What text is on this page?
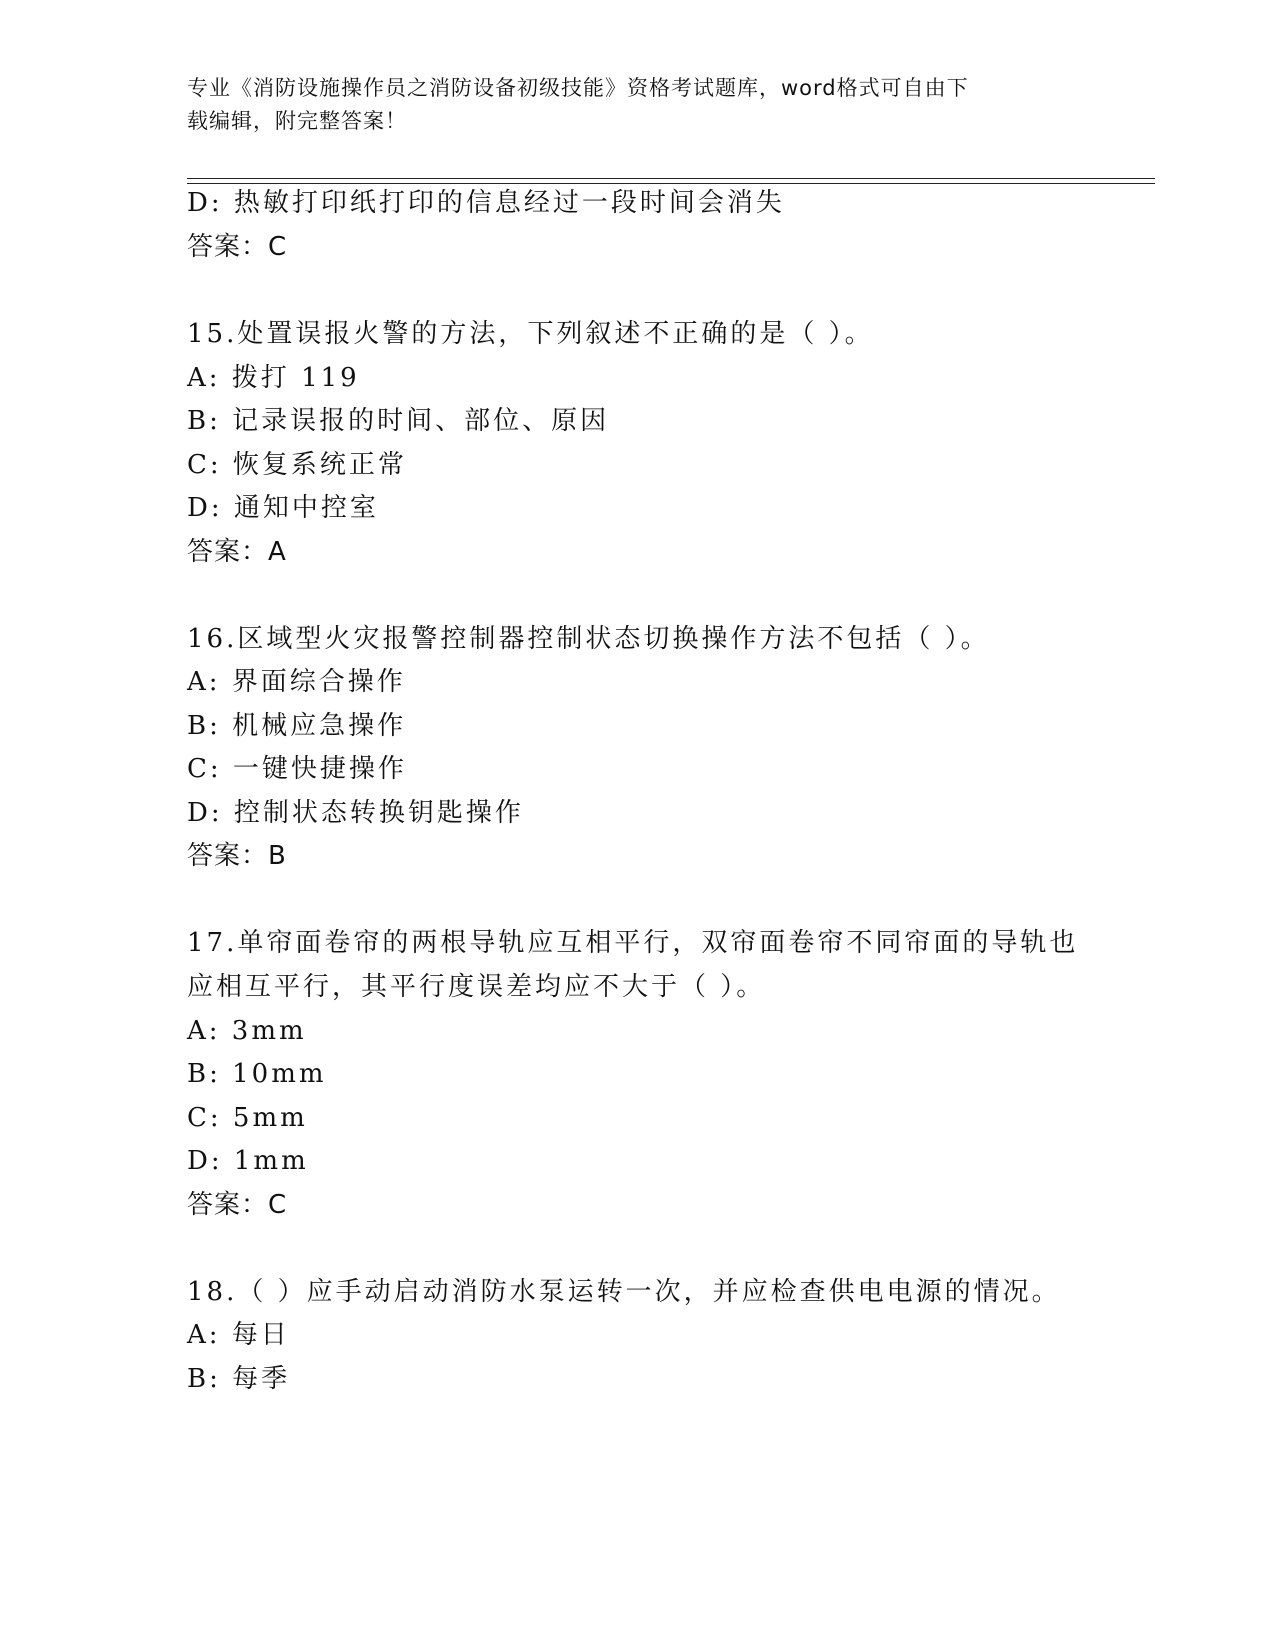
专业《消防设施操作员之消防设备初级技能》资格考试题库，word格式可自由下
载编辑，附完整答案！
D: 热敏打印纸打印的信息经过一段时间会消失
答案：C
15.处置误报火警的方法，下列叙述不正确的是（ ）。
A: 拨打 119
B: 记录误报的时间、部位、原因
C: 恢复系统正常
D: 通知中控室
答案：A
16.区域型火灾报警控制器控制状态切换操作方法不包括（ ）。
A: 界面综合操作
B: 机械应急操作
C: 一键快捷操作
D: 控制状态转换钥匙操作
答案：B
17.单帘面卷帘的两根导轨应互相平行，双帘面卷帘不同帘面的导轨也
应相互平行，其平行度误差均应不大于（ ）。
A: 3mm
B: 10mm
C: 5mm
D: 1mm
答案：C
18.（ ）应手动启动消防水泵运转一次，并应检查供电电源的情况。
A: 每日
B: 每季
